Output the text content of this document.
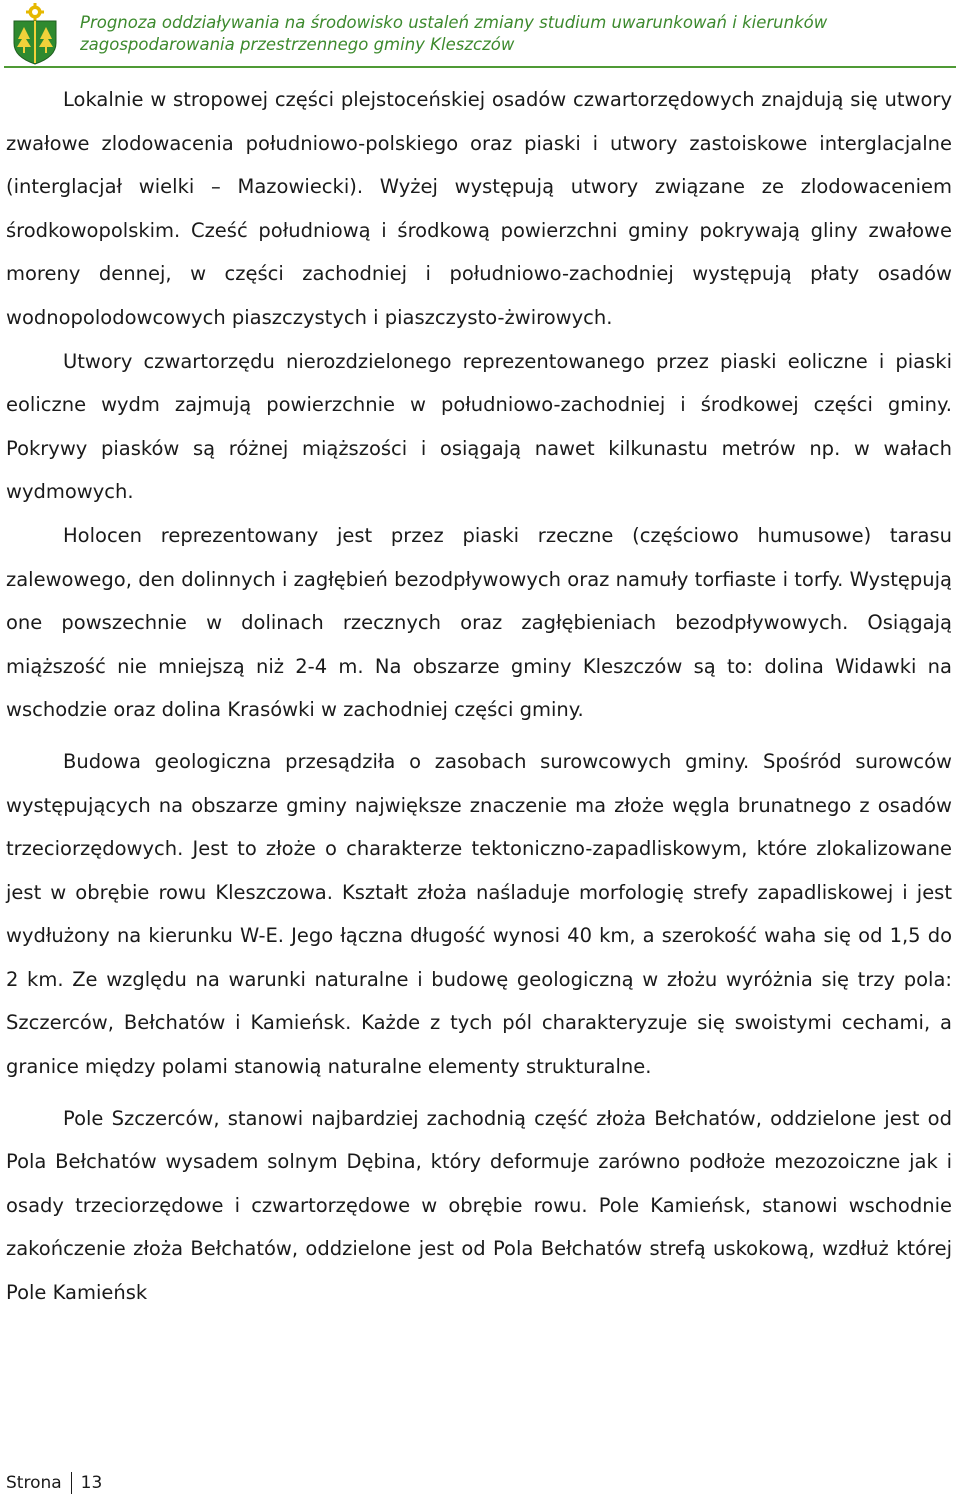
Prognoza oddziaływania na środowisko ustaleń zmiany studium uwarunkowań i kierunków
zagospodarowania przestrzennego gminy Kleszczów

Lokalnie w stropowej części plejstoceńskiej osadów czwartorzędowych znajdują się utwory zwałowe zlodowacenia południowo-polskiego oraz piaski i utwory zastoiskowe interglacjalne (interglacjał wielki – Mazowiecki). Wyżej występują utwory związane ze zlodowaceniem środkowopolskim. Cześć południową i środkową powierzchni gminy pokrywają gliny zwałowe moreny dennej, w części zachodniej i południowo-zachodniej występują płaty osadów wodnopolodowcowych piaszczystych i piaszczysto-żwirowych.

Utwory czwartorzędu nierozdzielonego reprezentowanego przez piaski eoliczne i piaski eoliczne wydm zajmują powierzchnie w południowo-zachodniej i środkowej części gminy. Pokrywy piasków są różnej miąższości i osiągają nawet kilkunastu metrów np. w wałach wydmowych.

Holocen reprezentowany jest przez piaski rzeczne (częściowo humusowe) tarasu zalewowego, den dolinnych i zagłębień bezodpływowych oraz namuły torfiaste i torfy. Występują one powszechnie w dolinach rzecznych oraz zagłębieniach bezodpływowych. Osiągają miąższość nie mniejszą niż 2-4 m. Na obszarze gminy Kleszczów są to: dolina Widawki na wschodzie oraz dolina Krasówki w zachodniej części gminy.

Budowa geologiczna przesądziła o zasobach surowcowych gminy. Spośród surowców występujących na obszarze gminy największe znaczenie ma złoże węgla brunatnego z osadów trzeciorzędowych. Jest to złoże o charakterze tektoniczno-zapadliskowym, które zlokalizowane jest w obrębie rowu Kleszczowa. Kształt złoża naśladuje morfologię strefy zapadliskowej i jest wydłużony na kierunku W-E. Jego łączna długość wynosi 40 km, a szerokość waha się od 1,5 do 2 km. Ze względu na warunki naturalne i budowę geologiczną w złożu wyróżnia się trzy pola: Szczerców, Bełchatów i Kamieńsk. Każde z tych pól charakteryzuje się swoistymi cechami, a granice między polami stanowią naturalne elementy strukturalne.

Pole Szczerców, stanowi najbardziej zachodnią część złoża Bełchatów, oddzielone jest od Pola Bełchatów wysadem solnym Dębina, który deformuje zarówno podłoże mezozoiczne jak i osady trzeciorzędowe i czwartorzędowe w obrębie rowu. Pole Kamieńsk, stanowi wschodnie zakończenie złoża Bełchatów, oddzielone jest od Pola Bełchatów strefą uskokową, wzdłuż której Pole Kamieńsk

Strona 13
